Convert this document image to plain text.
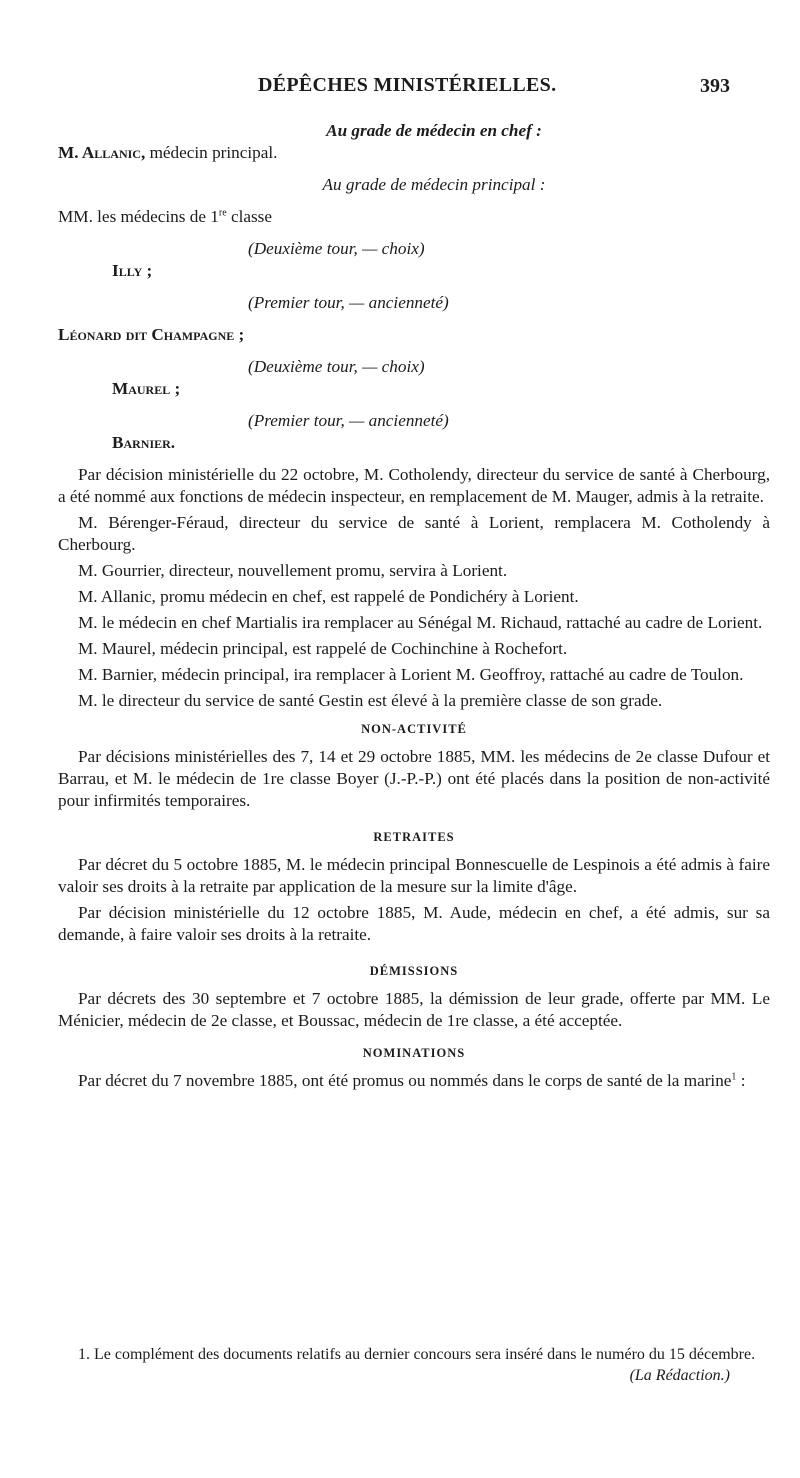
DÉPÊCHES MINISTÉRIELLES.	393
Au grade de médecin en chef :
M. Allanic, médecin principal.
Au grade de médecin principal :
MM. les médecins de 1re classe
(Deuxième tour, — choix)
Illy ;
(Premier tour, — ancienneté)
Léonard dit Champagne ;
(Deuxième tour, — choix)
Maurel ;
(Premier tour, — ancienneté)
Barnier.

Par décision ministérielle du 22 octobre, M. Cotholendy, directeur du service de santé à Cherbourg, a été nommé aux fonctions de médecin inspecteur, en remplacement de M. Mauger, admis à la retraite.

M. Bérenger-Féraud, directeur du service de santé à Lorient, remplacera M. Cotholendy à Cherbourg.

M. Gourrier, directeur, nouvellement promu, servira à Lorient.

M. Allanic, promu médecin en chef, est rappelé de Pondichéry à Lorient.

M. le médecin en chef Martialis ira remplacer au Sénégal M. Richaud, rattaché au cadre de Lorient.

M. Maurel, médecin principal, est rappelé de Cochinchine à Rochefort.

M. Barnier, médecin principal, ira remplacer à Lorient M. Geoffroy, rattaché au cadre de Toulon.

M. le directeur du service de santé Gestin est élevé à la première classe de son grade.

NON-ACTIVITÉ

Par décisions ministérielles des 7, 14 et 29 octobre 1885, MM. les médecins de 2e classe Dufour et Barrau, et M. le médecin de 1re classe Boyer (J.-P.-P.) ont été placés dans la position de non-activité pour infirmités temporaires.

RETRAITES

Par décret du 5 octobre 1885, M. le médecin principal Bonnescuelle de Lespinois a été admis à faire valoir ses droits à la retraite par application de la mesure sur la limite d'âge.

Par décision ministérielle du 12 octobre 1885, M. Aude, médecin en chef, a été admis, sur sa demande, à faire valoir ses droits à la retraite.

DÉMISSIONS

Par décrets des 30 septembre et 7 octobre 1885, la démission de leur grade, offerte par MM. Le Ménicier, médecin de 2e classe, et Boussac, médecin de 1re classe, a été acceptée.

NOMINATIONS

Par décret du 7 novembre 1885, ont été promus ou nommés dans le corps de santé de la marine$^1$ :

1. Le complément des documents relatifs au dernier concours sera inséré dans le numéro du 15 décembre.
(La Rédaction.)
